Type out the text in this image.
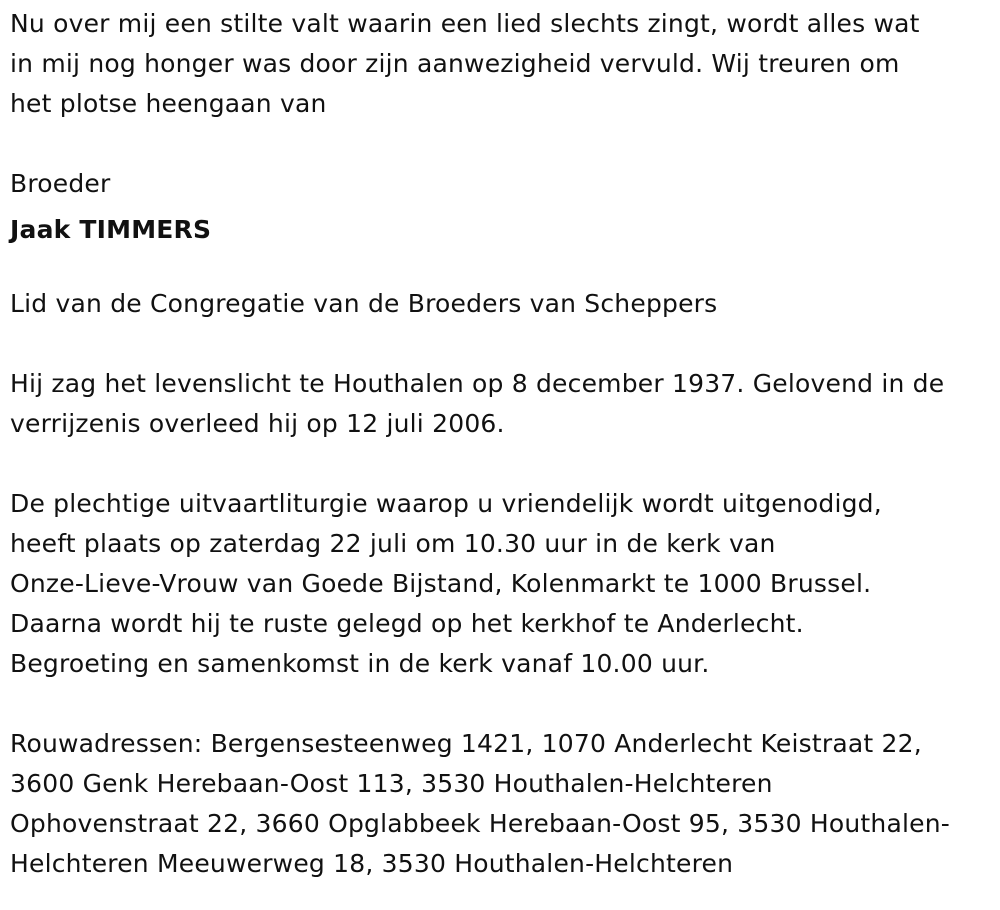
Nu over mij een stilte valt waarin een lied slechts zingt, wordt alles wat
in mij nog honger was door zijn aanwezigheid vervuld. Wij treuren om
het plotse heengaan van

Broeder
Jaak TIMMERS

Lid van de Congregatie van de Broeders van Scheppers

Hij zag het levenslicht te Houthalen op 8 december 1937. Gelovend in de
verrijzenis overleed hij op 12 juli 2006.

De plechtige uitvaartliturgie waarop u vriendelijk wordt uitgenodigd,
heeft plaats op zaterdag 22 juli om 10.30 uur in de kerk van
Onze-Lieve-Vrouw van Goede Bijstand, Kolenmarkt te 1000 Brussel.
Daarna wordt hij te ruste gelegd op het kerkhof te Anderlecht.
Begroeting en samenkomst in de kerk vanaf 10.00 uur.

Rouwadressen: Bergensesteenweg 1421, 1070 Anderlecht Keistraat 22,
3600 Genk Herebaan-Oost 113, 3530 Houthalen-Helchteren
Ophovenstraat 22, 3660 Opglabbeek Herebaan-Oost 95, 3530 Houthalen-
Helchteren Meeuwerweg 18, 3530 Houthalen-Helchteren
